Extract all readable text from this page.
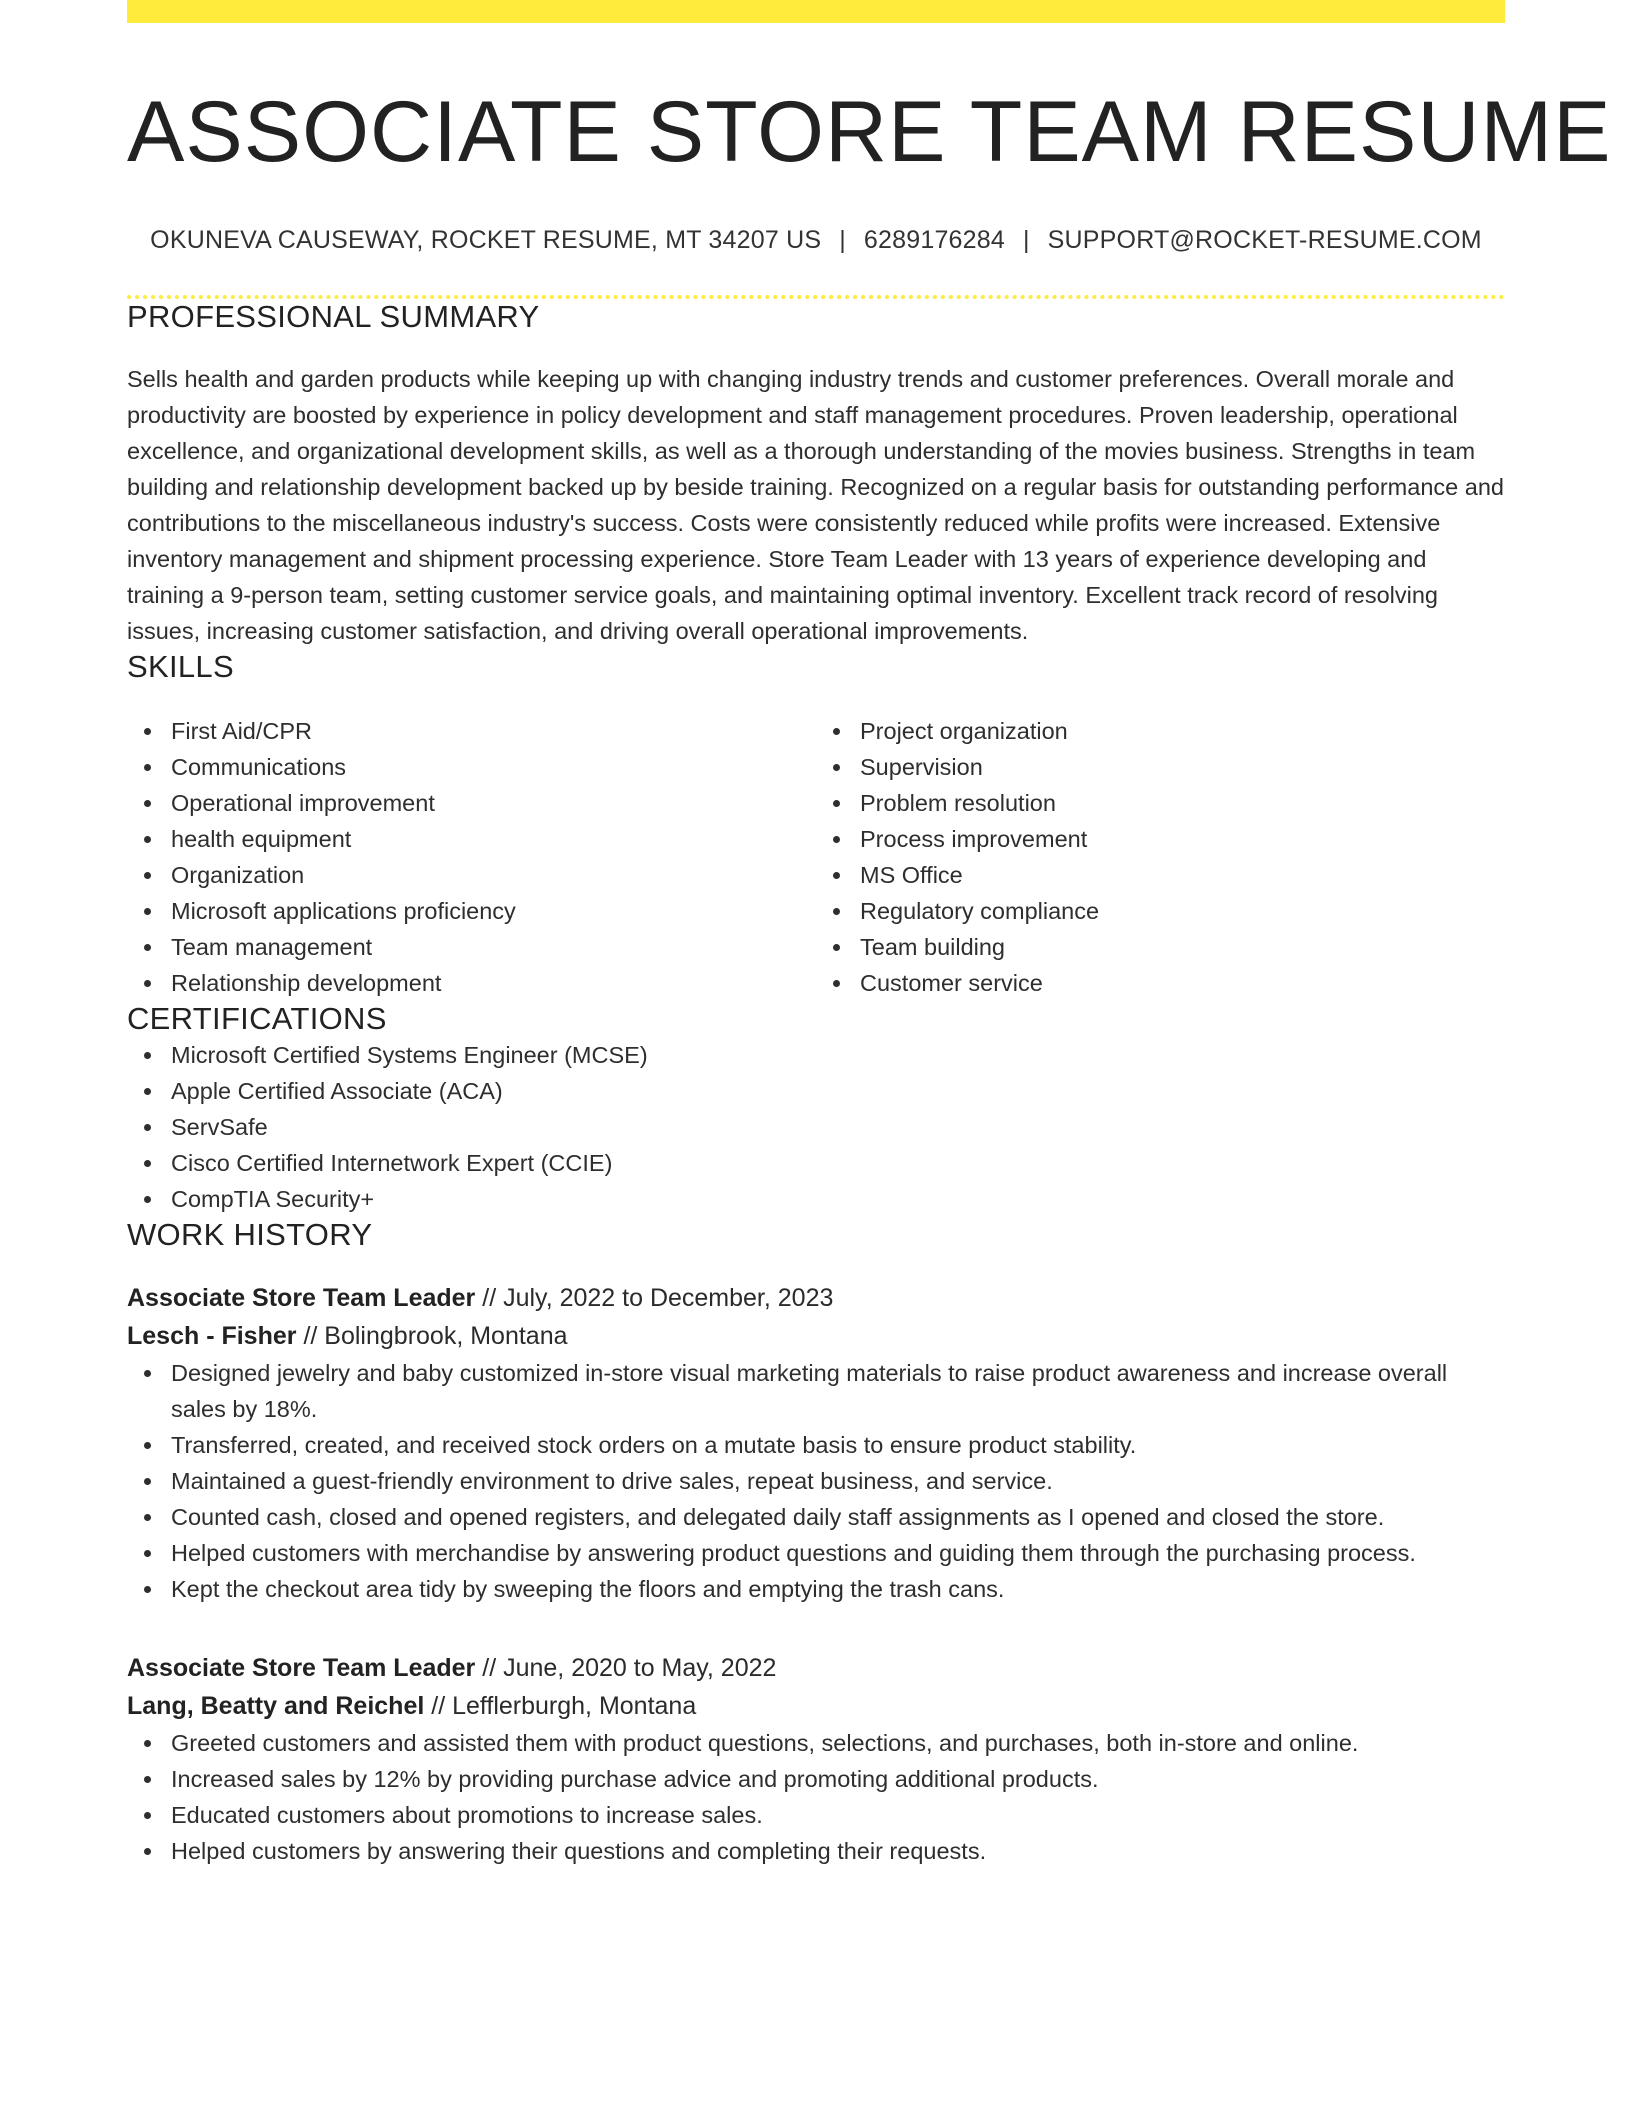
ASSOCIATE STORE TEAM RESUME
OKUNEVA CAUSEWAY, ROCKET RESUME, MT 34207 US | 6289176284 | SUPPORT@ROCKET-RESUME.COM
PROFESSIONAL SUMMARY

Sells health and garden products while keeping up with changing industry trends and customer preferences. Overall morale and productivity are boosted by experience in policy development and staff management procedures. Proven leadership, operational excellence, and organizational development skills, as well as a thorough understanding of the movies business. Strengths in team building and relationship development backed up by beside training. Recognized on a regular basis for outstanding performance and contributions to the miscellaneous industry's success. Costs were consistently reduced while profits were increased. Extensive inventory management and shipment processing experience. Store Team Leader with 13 years of experience developing and training a 9-person team, setting customer service goals, and maintaining optimal inventory. Excellent track record of resolving issues, increasing customer satisfaction, and driving overall operational improvements.

SKILLS
First Aid/CPR
Communications
Operational improvement
health equipment
Organization
Microsoft applications proficiency
Team management
Relationship development
Project organization
Supervision
Problem resolution
Process improvement
MS Office
Regulatory compliance
Team building
Customer service
CERTIFICATIONS
Microsoft Certified Systems Engineer (MCSE)
Apple Certified Associate (ACA)
ServSafe
Cisco Certified Internetwork Expert (CCIE)
CompTIA Security+
WORK HISTORY
Associate Store Team Leader // July, 2022 to December, 2023
Lesch - Fisher // Bolingbrook, Montana
Designed jewelry and baby customized in-store visual marketing materials to raise product awareness and increase overall sales by 18%.
Transferred, created, and received stock orders on a mutate basis to ensure product stability.
Maintained a guest-friendly environment to drive sales, repeat business, and service.
Counted cash, closed and opened registers, and delegated daily staff assignments as I opened and closed the store.
Helped customers with merchandise by answering product questions and guiding them through the purchasing process.
Kept the checkout area tidy by sweeping the floors and emptying the trash cans.
Associate Store Team Leader // June, 2020 to May, 2022
Lang, Beatty and Reichel // Lefflerburgh, Montana
Greeted customers and assisted them with product questions, selections, and purchases, both in-store and online.
Increased sales by 12% by providing purchase advice and promoting additional products.
Educated customers about promotions to increase sales.
Helped customers by answering their questions and completing their requests.
